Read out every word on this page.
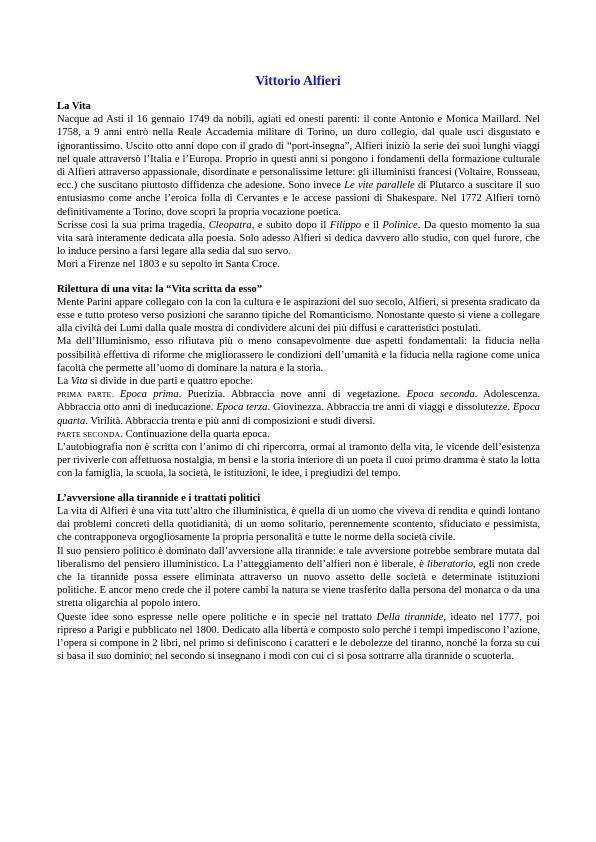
Vittorio Alfieri

La Vita

Nacque ad Asti il 16 gennaio 1749 da nobili, agiati ed onesti parenti: il conte Antonio e Monica Maillard. Nel 1758, a 9 anni entrò nella Reale Accademia militare di Torino, un duro collegio, dal quale uscì disgustato e ignorantissimo. Uscito otto anni dopo con il grado di “port-insegna”, Alfieri iniziò la serie dei suoi lunghi viaggi nel quale attraversò l’Italia e l’Europa. Proprio in questi anni si pongono i fondamenti della formazione culturale di Alfieri attraverso appassionale, disordinate e personalissime letture: gli illuministi francesi (Voltaire, Rousseau, ecc.) che suscitano piuttosto diffidenza che adesione. Sono invece Le vite parallele di Plutarco a suscitare il suo entusiasmo come anche l’eroica folla di Cervantes e le accese passioni di Shakespare. Nel 1772 Alfieri tornò definitivamente a Torino, dove scoprì la propria vocazione poetica.

Scrisse così la sua prima tragedia, Cleopatra, e subito dopo il Filippo e il Polinice. Da questo momento la sua vita sarà interamente dedicata alla poesia. Solo adesso Alfieri si dedica davvero allo studio, con quel furore, che lo induce persino a farsi legare alla sedia dal suo servo.

Morì a Firenze nel 1803 e su sepolto in Santa Croce.

Rilettura di una vita: la “Vita scritta da esso”

Mente Parini appare collegato con la con la cultura e le aspirazioni del suo secolo, Alfieri, si presenta sradicato da esse e tutto proteso verso posizioni che saranno tipiche del Romanticismo. Nonostante questo si viene a collegare alla civiltà dei Lumi dalla quale mostra di condividere alcuni dei più diffusi e caratteristici postulati.

Ma dell’Illuminismo, esso rifiutava più o meno consapevolmente due aspetti fondamentali: la fiducia nella possibilità effettiva di riforme che migliorassero le condizioni dell’umanità e la fiducia nella ragione come unica facoltà che permette all’uomo di dominare la natura e la storia.

La Vita si divide in due parti e quattro epoche:

PRIMA PARTE. Epoca prima. Puerizia. Abbraccia nove anni di vegetazione. Epoca seconda. Adolescenza. Abbraccia otto anni di ineducazione. Epoca terza. Giovinezza. Abbraccia tre anni di viaggi e dissolutezze. Epoca quarta. Virilità. Abbraccia trenta e più anni di composizioni e studi diversi.

PARTE SECONDA. Continuazione della quarta epoca.

L’autobiografia non è scritta con l’animo di chi ripercorra, ormai al tramonto della vita, le vicende dell’esistenza per riviverle con affettuosa nostalgia, m bensì e la storia interiore di un poeta il cuoi primo dramma è stato la lotta con la famiglia, la scuola, la società, le istituzioni, le idee, i pregiudizi del tempo.

L’avversione alla tirannide e i trattati politici

La vita di Alfieri è una vita tutt’altro che illuministica, è quella di un uomo che viveva di rendita e quindi lontano dai problemi concreti della quotidianità, di un uomo solitario, perennemente scontento, sfiduciato e pessimista, che contrapponeva orgogliosamente la propria personalità e tutte le norme della società civile.

Il suo pensiero politico è dominato dall’avversione alla tirannide: e tale avversione potrebbe sembrare mutata dal liberalismo del pensiero illuministico. La l’atteggiamento dell’alfieri non è liberale, è liberatorio, egli non crede che la tirannide possa essere eliminata attraverso un nuovo assetto delle società e determinate istituzioni politiche. E ancor meno crede che il potere cambi la natura se viene trasferito dalla persona del monarca o da una stretta oligarchia al popolo intero.

Queste idee sono espresse nelle opere politiche e in specie nel trattato Della tirannide, ideato nel 1777, poi ripreso a Parigi e pubblicato nel 1800. Dedicato alla libertà e composto solo perché i tempi impediscono l’azione, l’opera si compone in 2 libri, nel primo si definiscono i caratteri e le debolezze del tiranno, nonché la forza su cui si basa il suo dominio; nel secondo si insegnano i modi con cui ci si posa sottrarre alla tirannide o scuoterla.
